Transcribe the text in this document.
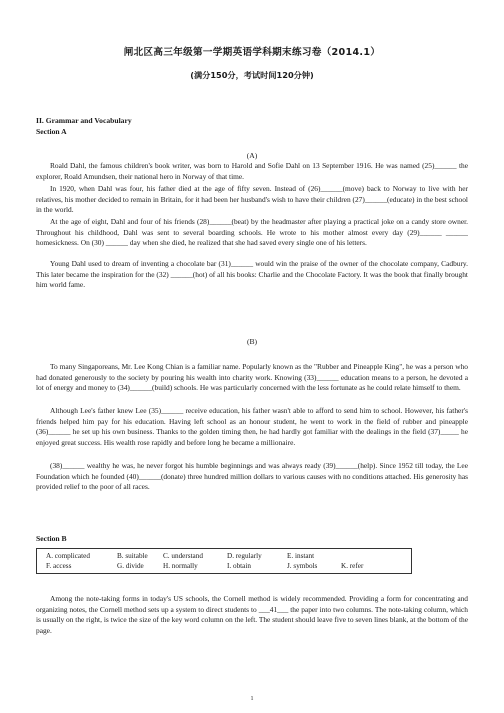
闸北区高三年级第一学期英语学科期末练习卷（2014.1）
(满分150分，考试时间120分钟)
II. Grammar and Vocabulary
Section A
(A)

Roald Dahl, the famous children's book writer, was born to Harold and Sofie Dahl on 13 September 1916. He was named (25)______ the explorer, Roald Amundsen, their national hero in Norway of that time.

In 1920, when Dahl was four, his father died at the age of fifty seven. Instead of (26)______(move) back to Norway to live with her relatives, his mother decided to remain in Britain, for it had been her husband's wish to have their children (27)______(educate) in the best school in the world.

At the age of eight, Dahl and four of his friends (28)______(beat) by the headmaster after playing a practical joke on a candy store owner. Throughout his childhood, Dahl was sent to several boarding schools. He wrote to his mother almost every day (29)______ ______ homesickness. On (30) ______ day when she died, he realized that she had saved every single one of his letters.

Young Dahl used to dream of inventing a chocolate bar (31)______ would win the praise of the owner of the chocolate company, Cadbury. This later became the inspiration for the (32) ______(hot) of all his books: Charlie and the Chocolate Factory. It was the book that finally brought him world fame.

(B)

To many Singaporeans, Mr. Lee Kong Chian is a familiar name. Popularly known as the "Rubber and Pineapple King", he was a person who had donated generously to the society by pouring his wealth into charity work. Knowing (33)______ education means to a person, he devoted a lot of energy and money to (34)______(build) schools. He was particularly concerned with the less fortunate as he could relate himself to them.

Although Lee's father knew Lee (35)______ receive education, his father wasn't able to afford to send him to school. However, his father's friends helped him pay for his education. Having left school as an honour student, he went to work in the field of rubber and pineapple (36)______ he set up his own business. Thanks to the golden timing then, he had hardly got familiar with the dealings in the field (37)_____ he enjoyed great success. His wealth rose rapidly and before long he became a millionaire.

(38)______ wealthy he was, he never forgot his humble beginnings and was always ready (39)______(help). Since 1952 till today, the Lee Foundation which he founded (40)______(donate) three hundred million dollars to various causes with no conditions attached. His generosity has provided relief to the poor of all races.

Section B
A. complicated	B. suitable C. understand	D. regularly	E. instant
F. access	G. divide	H. normally	I. obtain	J. symbols	K. refer

Among the note-taking forms in today's US schools, the Cornell method is widely recommended. Providing a form for concentrating and organizing notes, the Cornell method sets up a system to direct students to ___41___ the paper into two columns. The note-taking column, which is usually on the right, is twice the size of the key word column on the left. The student should leave five to seven lines blank, at the bottom of the page.

1
